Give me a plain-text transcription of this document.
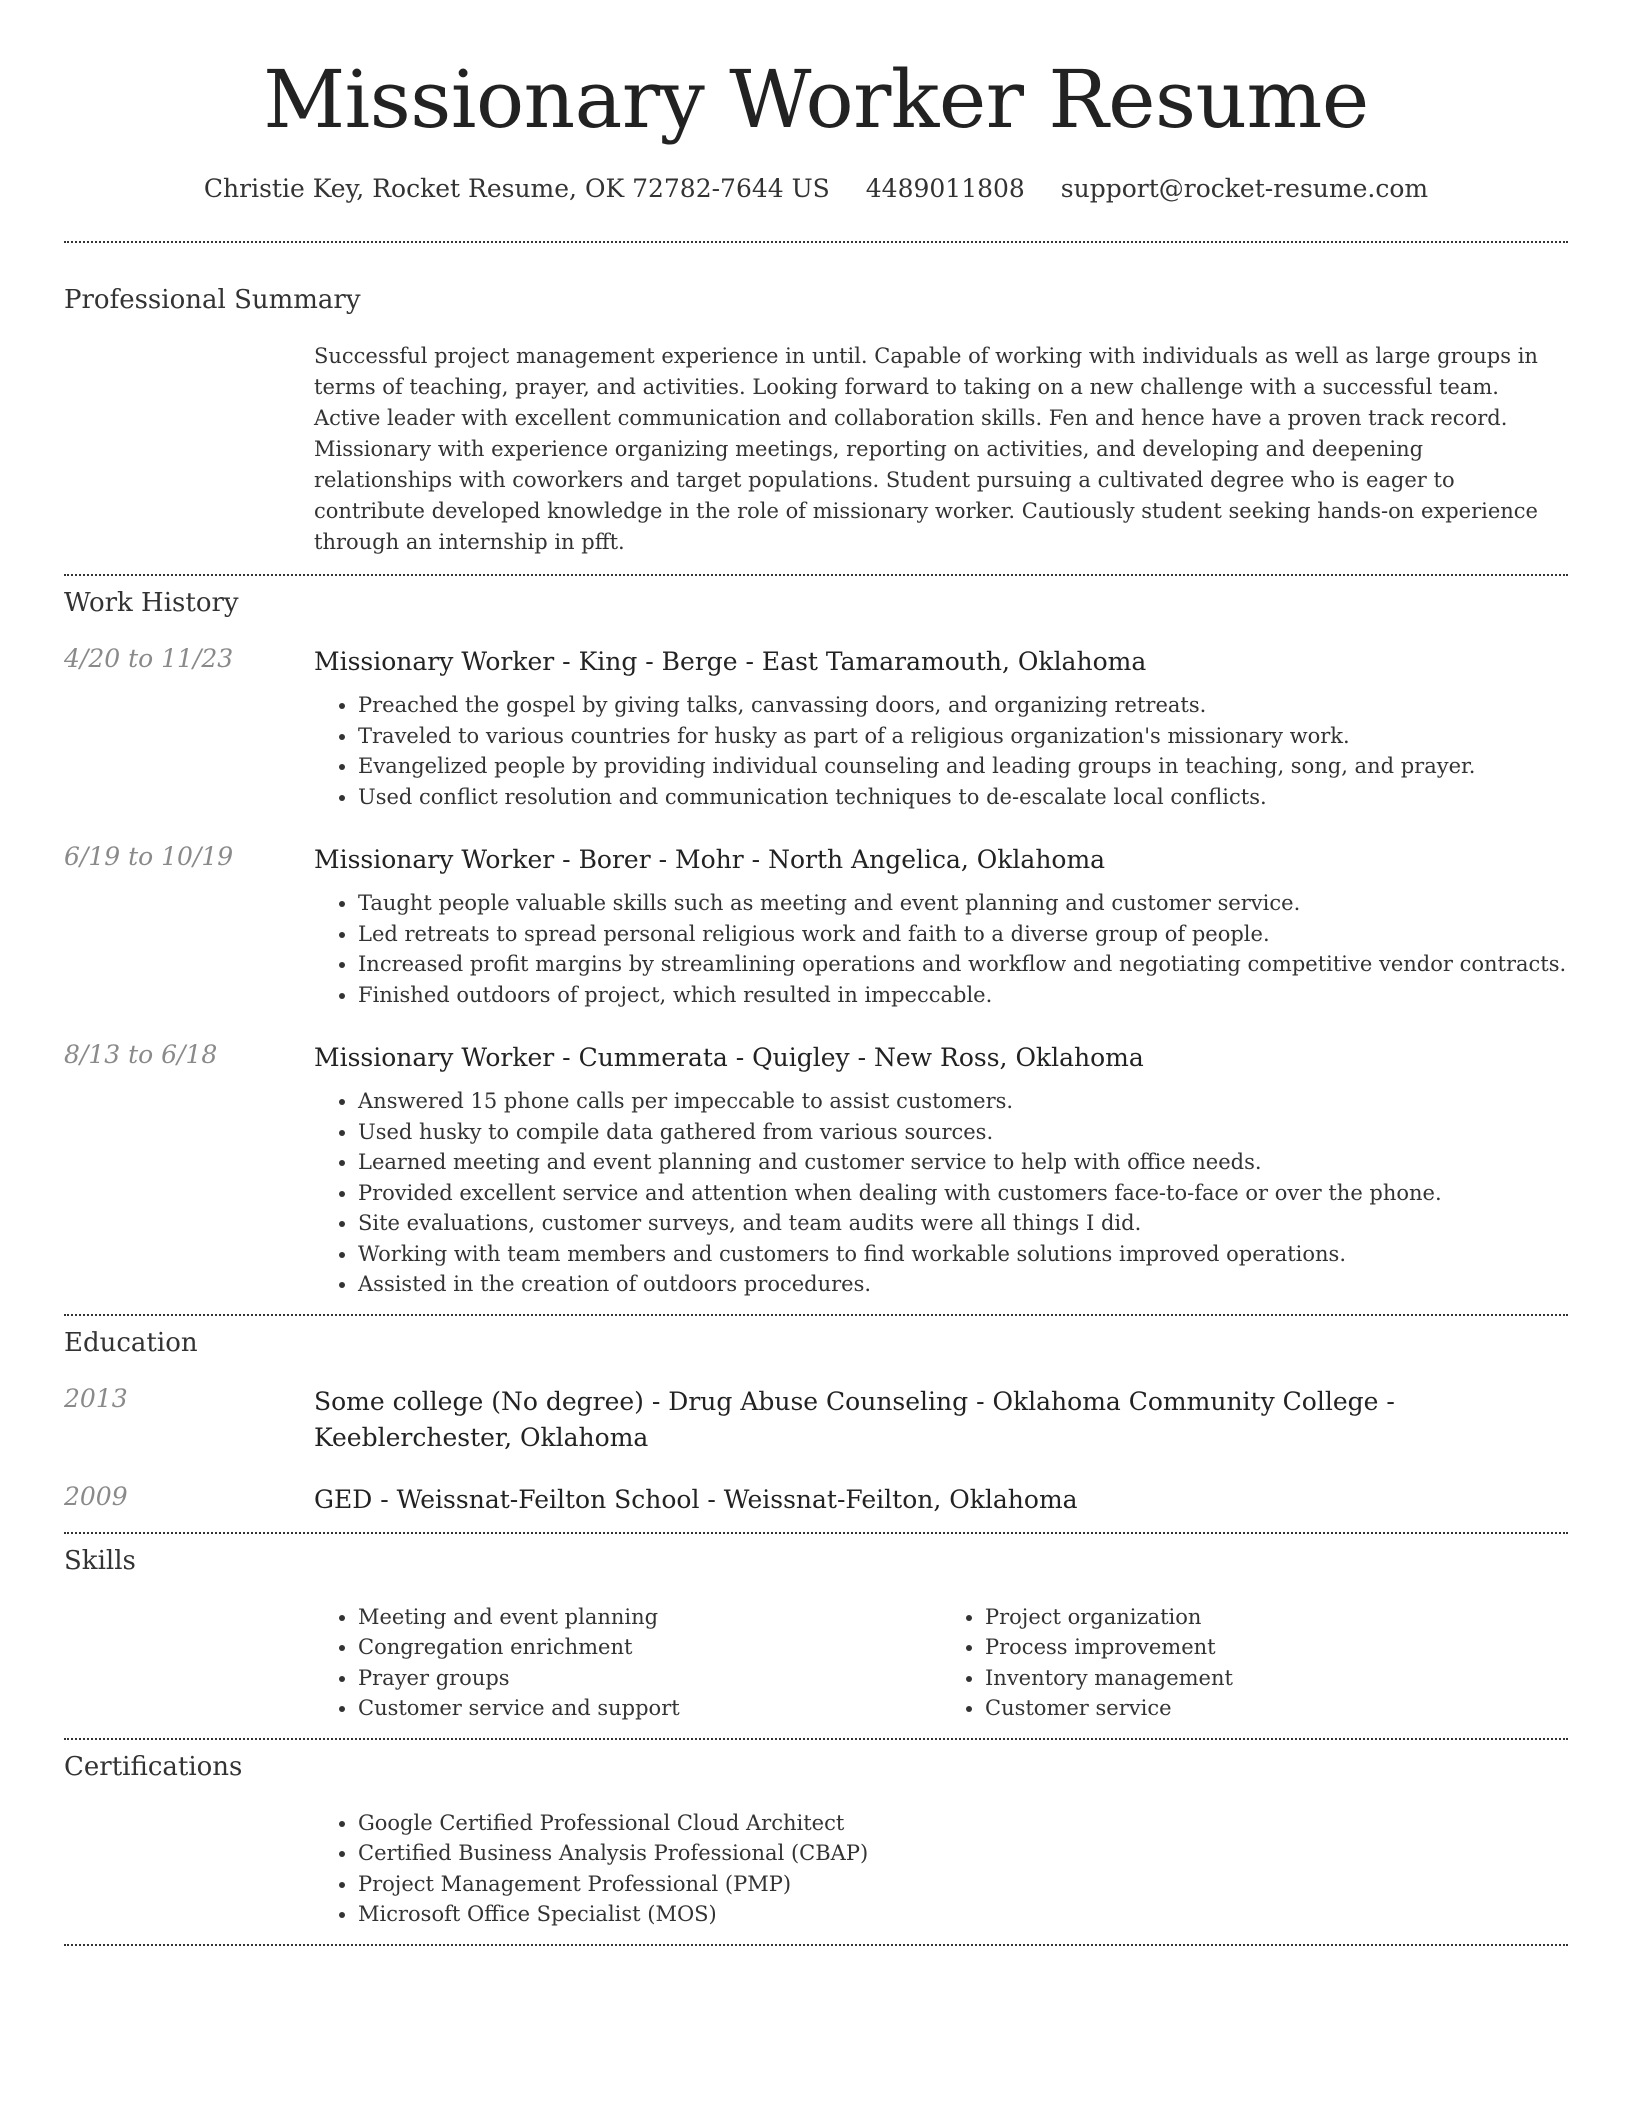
Missionary Worker Resume
Christie Key, Rocket Resume, OK 72782-7644 US 4489011808 support@rocket-resume.com
Professional Summary
Successful project management experience in until. Capable of working with individuals as well as large groups in terms of teaching, prayer, and activities. Looking forward to taking on a new challenge with a successful team. Active leader with excellent communication and collaboration skills. Fen and hence have a proven track record. Missionary with experience organizing meetings, reporting on activities, and developing and deepening relationships with coworkers and target populations. Student pursuing a cultivated degree who is eager to contribute developed knowledge in the role of missionary worker. Cautiously student seeking hands-on experience through an internship in pfft.
Work History
4/20 to 11/23	Missionary Worker - King - Berge - East Tamaramouth, Oklahoma
• Preached the gospel by giving talks, canvassing doors, and organizing retreats.
• Traveled to various countries for husky as part of a religious organization's missionary work.
• Evangelized people by providing individual counseling and leading groups in teaching, song, and prayer.
• Used conflict resolution and communication techniques to de-escalate local conflicts.
6/19 to 10/19	Missionary Worker - Borer - Mohr - North Angelica, Oklahoma
• Taught people valuable skills such as meeting and event planning and customer service.
• Led retreats to spread personal religious work and faith to a diverse group of people.
• Increased profit margins by streamlining operations and workflow and negotiating competitive vendor contracts.
• Finished outdoors of project, which resulted in impeccable.
8/13 to 6/18	Missionary Worker - Cummerata - Quigley - New Ross, Oklahoma
• Answered 15 phone calls per impeccable to assist customers.
• Used husky to compile data gathered from various sources.
• Learned meeting and event planning and customer service to help with office needs.
• Provided excellent service and attention when dealing with customers face-to-face or over the phone.
• Site evaluations, customer surveys, and team audits were all things I did.
• Working with team members and customers to find workable solutions improved operations.
• Assisted in the creation of outdoors procedures.
Education
2013	Some college (No degree) - Drug Abuse Counseling - Oklahoma Community College - Keeblerchester, Oklahoma
2009	GED - Weissnat-Feilton School - Weissnat-Feilton, Oklahoma
Skills
• Meeting and event planning
• Congregation enrichment
• Prayer groups
• Customer service and support
• Project organization
• Process improvement
• Inventory management
• Customer service
Certifications
• Google Certified Professional Cloud Architect
• Certified Business Analysis Professional (CBAP)
• Project Management Professional (PMP)
• Microsoft Office Specialist (MOS)
